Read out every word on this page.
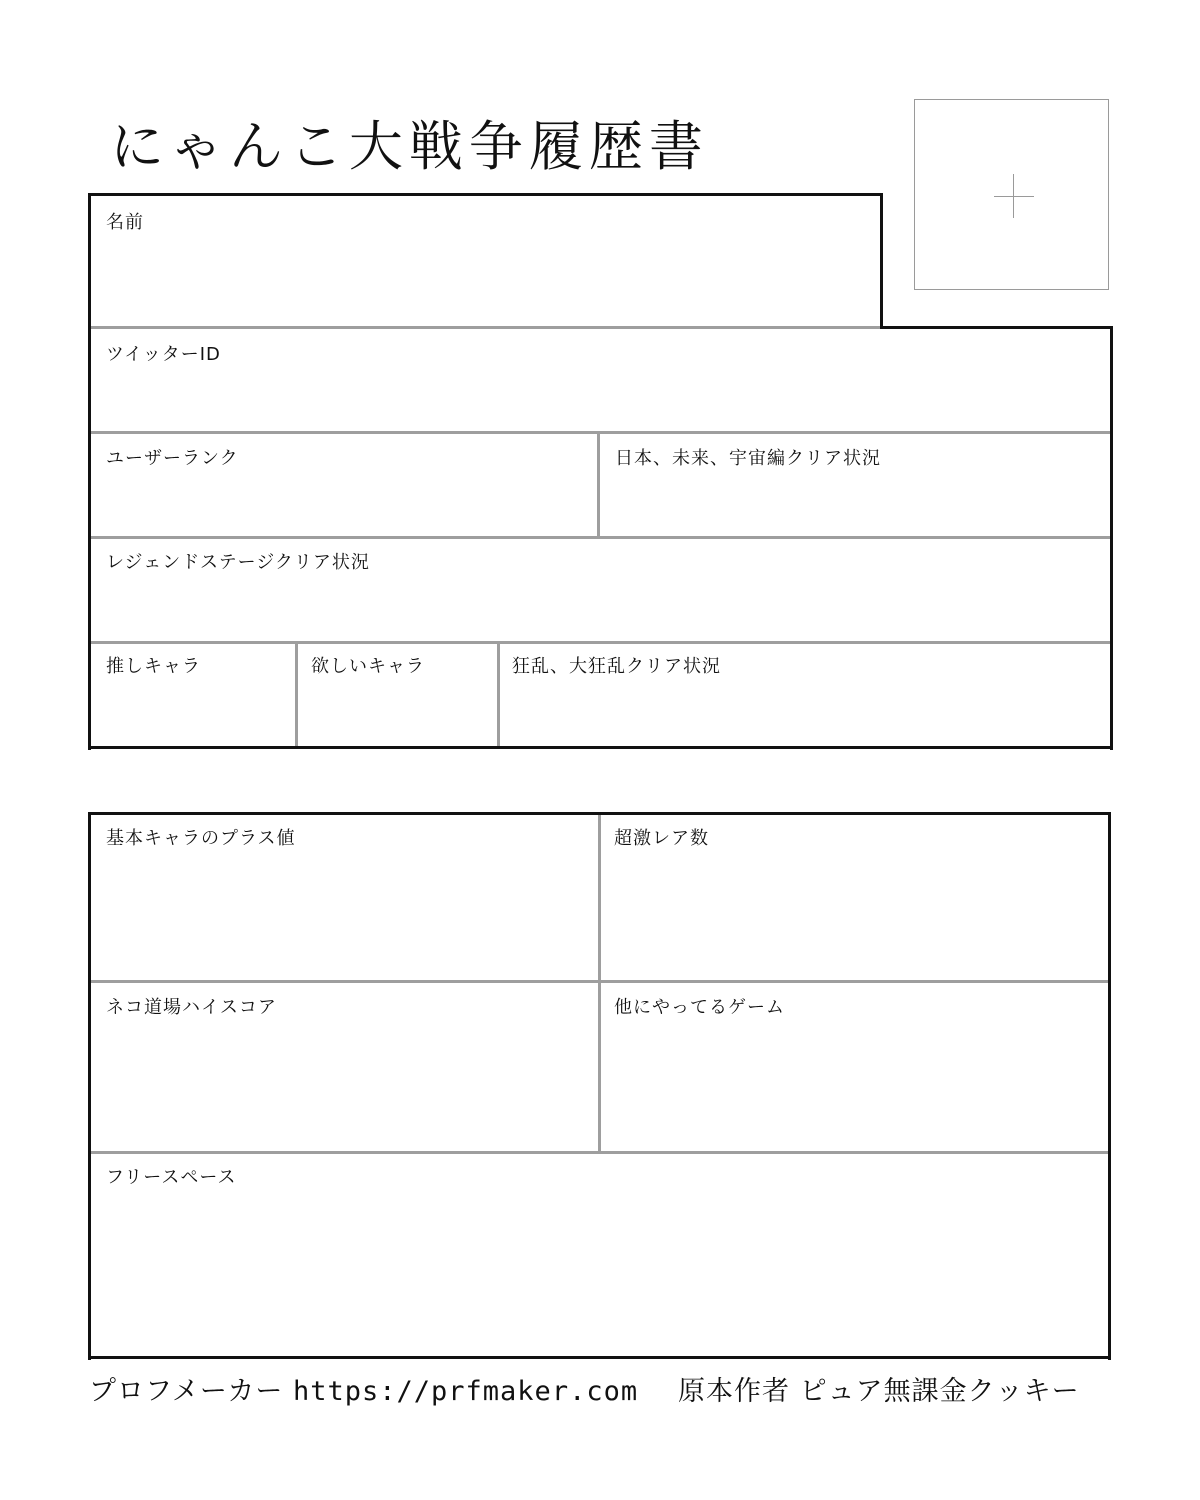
にゃんこ大戦争履歴書
名前
ツイッターID
ユーザーランク	日本、未来、宇宙編クリア状況
レジェンドステージクリア状況
推しキャラ	欲しいキャラ	狂乱、大狂乱クリア状況
基本キャラのプラス値	超激レア数
ネコ道場ハイスコア	他にやってるゲーム
フリースペース
プロフメーカー https://prfmaker.com 原本作者 ピュア無課金クッキー
